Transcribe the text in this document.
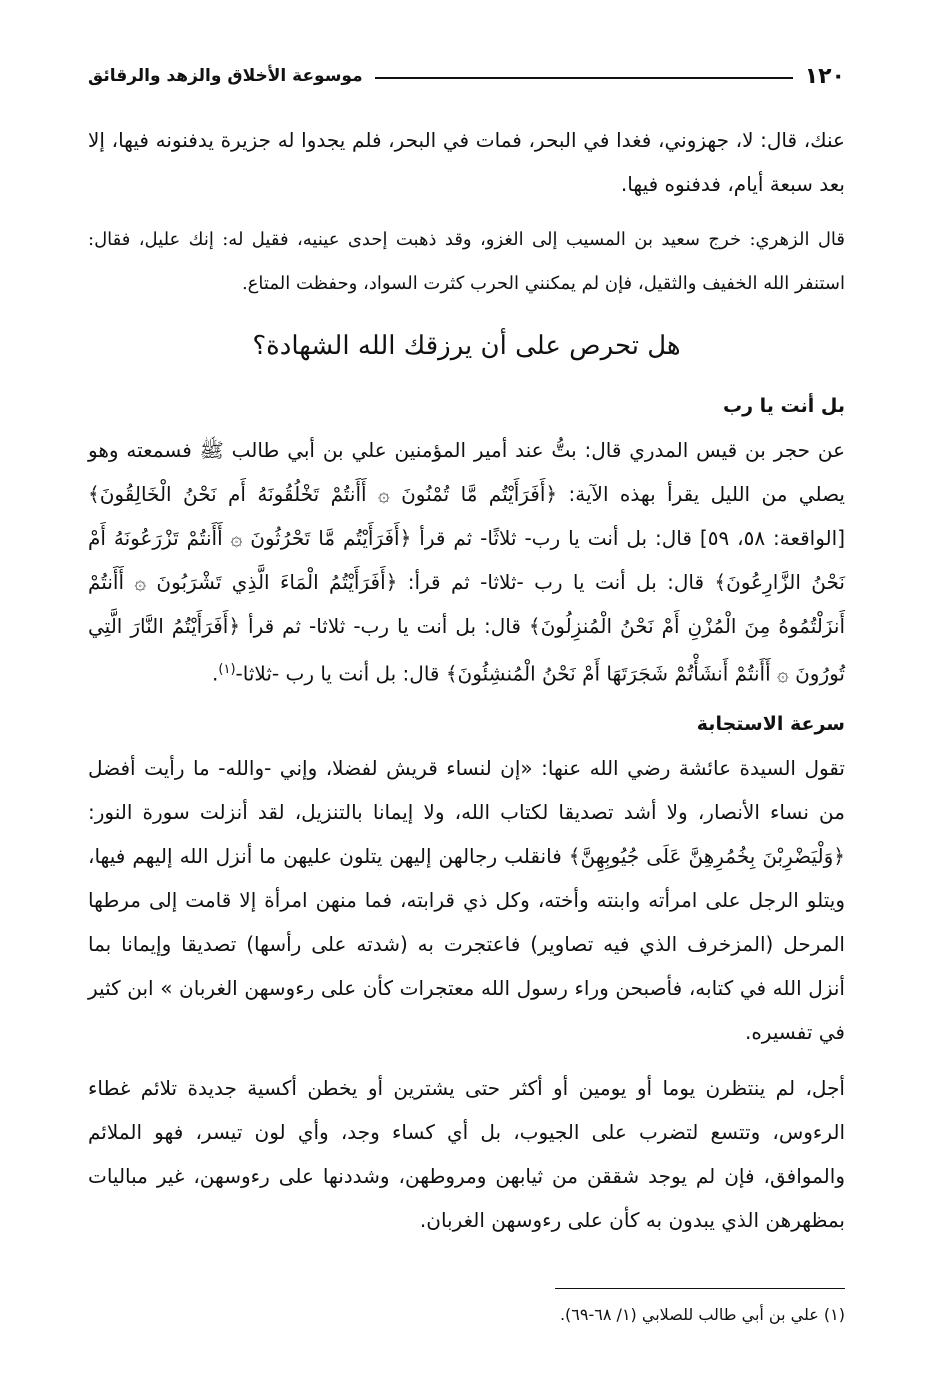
١٢٠
موسوعة الأخلاق والزهد والرقائق

عنك، قال: لا، جهزوني، فغدا في البحر، فمات في البحر، فلم يجدوا له جزيرة يدفنونه فيها، إلا بعد سبعة أيام، فدفنوه فيها.

قال الزهري: خرج سعيد بن المسيب إلى الغزو، وقد ذهبت إحدى عينيه، فقيل له: إنك عليل، فقال: استنفر الله الخفيف والثقيل، فإن لم يمكنني الحرب كثرت السواد، وحفظت المتاع.

هل تحرص على أن يرزقك الله الشهادة؟
بل أنت يا رب

عن حجر بن قيس المدري قال: بتُّ عند أمير المؤمنين علي بن أبي طالب ﷺ فسمعته وهو يصلي من الليل يقرأ بهذه الآية: ﴿أَفَرَأَيْتُم مَّا تُمْنُونَ ۞ أَأَنتُمْ تَخْلُقُونَهُ أَم نَحْنُ الْخَالِقُونَ﴾ [الواقعة: ٥٨، ٥٩] قال: بل أنت يا رب- ثلاثًا- ثم قرأ ﴿أَفَرَأَيْتُم مَّا تَحْرُثُونَ ۞ أَأَنتُمْ تَزْرَعُونَهُ أَمْ نَحْنُ الزَّارِعُونَ﴾ قال: بل أنت يا رب -ثلاثا- ثم قرأ: ﴿أَفَرَأَيْتُمُ الْمَاءَ الَّذِي تَشْرَبُونَ ۞ أَأَنتُمْ أَنزَلْتُمُوهُ مِنَ الْمُزْنِ أَمْ نَحْنُ الْمُنزِلُونَ﴾ قال: بل أنت يا رب- ثلاثا- ثم قرأ ﴿أَفَرَأَيْتُمُ النَّارَ الَّتِي تُورُونَ ۞ أَأَنتُمْ أَنشَأْتُمْ شَجَرَتَهَا أَمْ نَحْنُ الْمُنشِئُونَ﴾ قال: بل أنت يا رب -ثلاثا-$^{(١)}$.

سرعة الاستجابة

تقول السيدة عائشة رضي الله عنها: «إن لنساء قريش لفضلا، وإني -والله- ما رأيت أفضل من نساء الأنصار، ولا أشد تصديقا لكتاب الله، ولا إيمانا بالتنزيل، لقد أنزلت سورة النور: ﴿وَلْيَضْرِبْنَ بِخُمُرِهِنَّ عَلَى جُيُوبِهِنَّ﴾ فانقلب رجالهن إليهن يتلون عليهن ما أنزل الله إليهم فيها، ويتلو الرجل على امرأته وابنته وأخته، وكل ذي قرابته، فما منهن امرأة إلا قامت إلى مرطها المرحل (المزخرف الذي فيه تصاوير) فاعتجرت به (شدته على رأسها) تصديقا وإيمانا بما أنزل الله في كتابه، فأصبحن وراء رسول الله معتجرات كأن على رءوسهن الغربان » ابن كثير في تفسيره.

أجل، لم ينتظرن يوما أو يومين أو أكثر حتى يشترين أو يخطن أكسية جديدة تلائم غطاء الرءوس، وتتسع لتضرب على الجيوب، بل أي كساء وجد، وأي لون تيسر، فهو الملائم والموافق، فإن لم يوجد شققن من ثيابهن ومروطهن، وشددنها على رءوسهن، غير مباليات بمظهرهن الذي يبدون به كأن على رءوسهن الغربان.

(١) علي بن أبي طالب للصلابي (١/ ٦٨-٦٩).
